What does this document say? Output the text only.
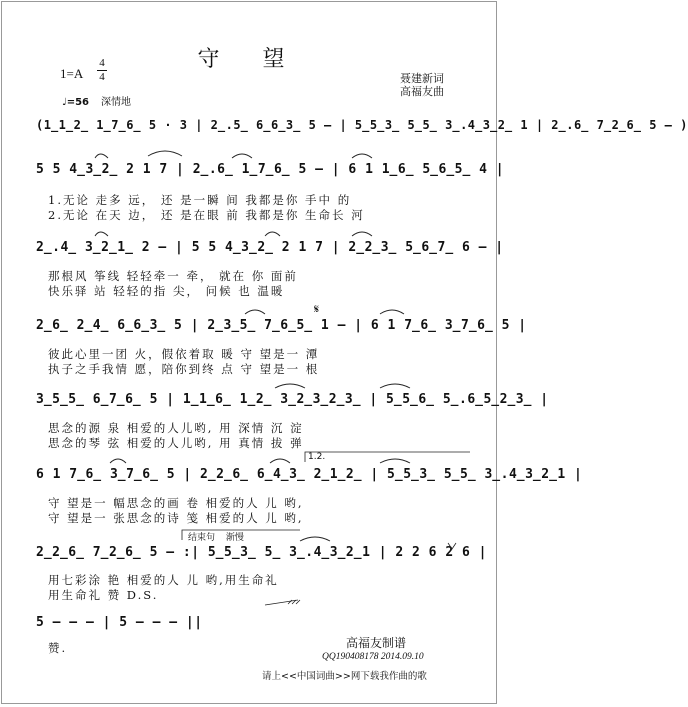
守 望
1=A
4
4
♩=56 深情地
聂建新词
高福友曲
(1̲1̲2̲ 1̲7̲6̲ 5 · 3 | 2̲.5̲ 6̲6̲3̲ 5 – | 5̲5̲3̲ 5̲5̲ 3̲.4̲3̲2̲ 1 | 2̲.6̲ 7̲2̲6̲ 5 – )
5 5 4̲3̲2̲ 2 1 7 | 2̲.6̲ 1̲7̲6̲ 5 – | 6 1 1̲6̲ 5̲6̲5̲ 4 |
1.无论 走多 远， 还 是一瞬 间 我都是你 手中 的
2.无论 在天 边， 还 是在眼 前 我都是你 生命长 河
2̲.4̲ 3̲2̲1̲ 2 – | 5 5 4̲3̲2̲ 2 1 7 | 2̲2̲3̲ 5̲6̲7̲ 6 – |
那根风 筝线 轻轻牵一 牵， 就在 你 面前
快乐驿 站 轻轻的指 尖， 问候 也 温暖
𝄋
2̲6̲ 2̲4̲ 6̲6̲3̲ 5 | 2̲3̲5̲ 7̲6̲5̲ 1 – | 6 1 7̲6̲ 3̲7̲6̲ 5 |
彼此心里一团 火，假依着取 暖 守 望是一 潭
执子之手我情 愿，陪你到终 点 守 望是一 根
3̲5̲5̲ 6̲7̲6̲ 5 | 1̲1̲6̲ 1̲2̲ 3̲2̲3̲2̲3̲ | 5̲5̲6̲ 5̲.6̲5̲2̲3̲ |
思念的源 泉 相爱的人儿哟, 用 深情 沉 淀
思念的琴 弦 相爱的人儿哟, 用 真情 拔 弹
1.2.
6 1 7̲6̲ 3̲7̲6̲ 5 | 2̲2̲6̲ 6̲4̲3̲ 2̲1̲2̲ | 5̲5̲3̲ 5̲5̲ 3̲.4̲3̲2̲1 |
守 望是一 幅思念的画 卷 相爱的人 儿 哟,
守 望是一 张思念的诗 笺 相爱的人 儿 哟,
结束句 渐慢
2̲2̲6̲ 7̲2̲6̲ 5 – :| 5̲5̲3̲ 5̲ 3̲.4̲3̲2̲1 | 2 2 6 2 6 |
用七彩涂 艳 相爱的人 儿 哟,用生命礼
用生命礼 赞 D.S.
5 – – – | 5 – – – ||
赞.	高福友制谱
QQ190408178 2014.09.10
请上<<中国词曲>>网下载我作曲的歌
